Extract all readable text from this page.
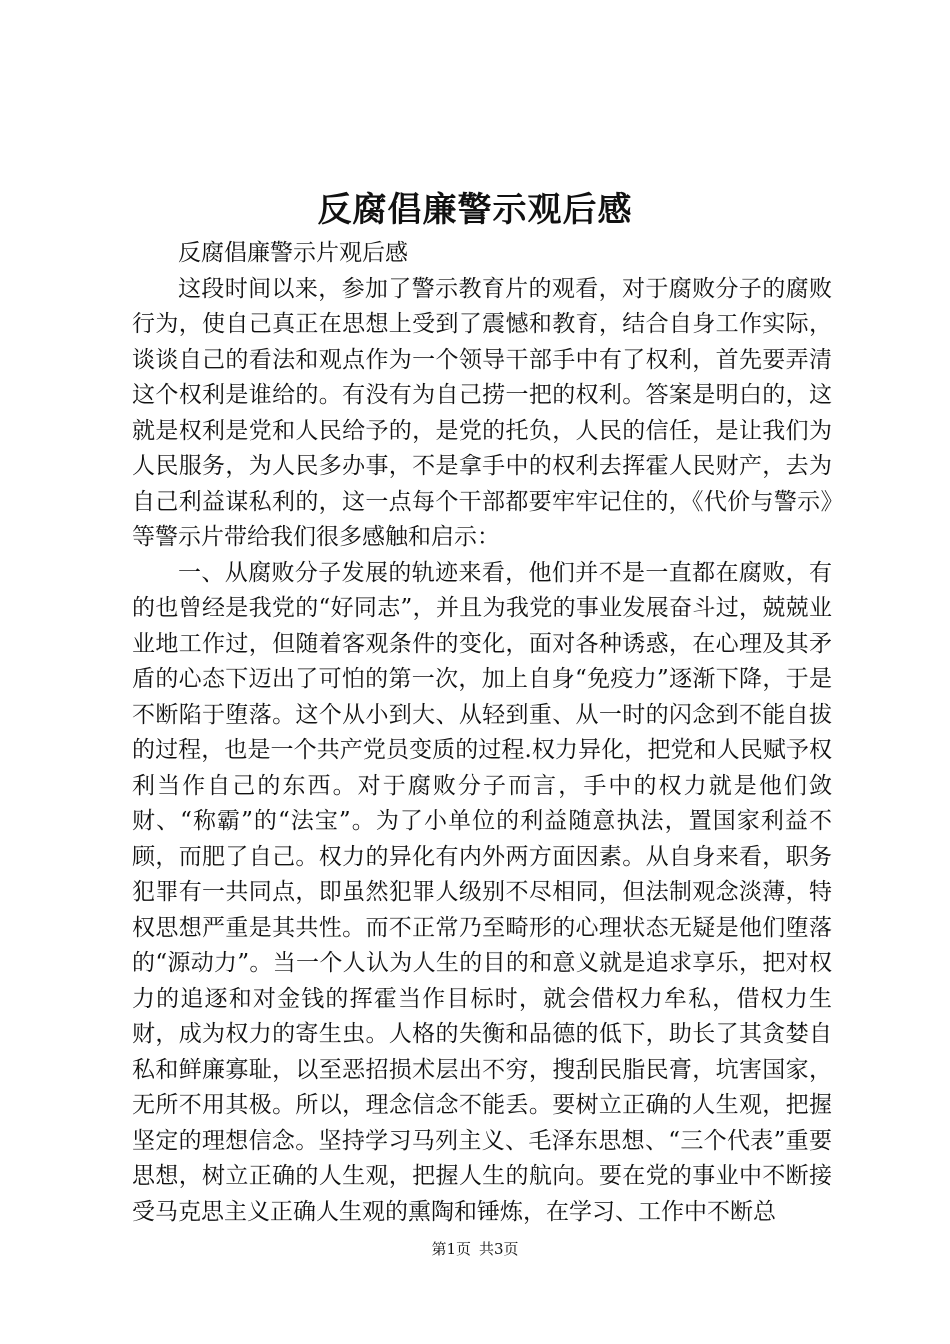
反腐倡廉警示观后感

反腐倡廉警示片观后感

这段时间以来，参加了警示教育片的观看，对于腐败分子的腐败行为，使自己真正在思想上受到了震憾和教育，结合自身工作实际，谈谈自己的看法和观点作为一个领导干部手中有了权利，首先要弄清这个权利是谁给的。有没有为自己捞一把的权利。答案是明白的，这就是权利是党和人民给予的，是党的托负，人民的信任，是让我们为人民服务，为人民多办事，不是拿手中的权利去挥霍人民财产，去为自己利益谋私利的，这一点每个干部都要牢牢记住的，《代价与警示》等警示片带给我们很多感触和启示：

一、从腐败分子发展的轨迹来看，他们并不是一直都在腐败，有的也曾经是我党的“好同志”，并且为我党的事业发展奋斗过，兢兢业业地工作过，但随着客观条件的变化，面对各种诱惑，在心理及其矛盾的心态下迈出了可怕的第一次，加上自身“免疫力”逐渐下降，于是不断陷于堕落。这个从小到大、从轻到重、从一时的闪念到不能自拔的过程，也是一个共产党员变质的过程.权力异化，把党和人民赋予权利当作自己的东西。对于腐败分子而言，手中的权力就是他们敛财、“称霸”的“法宝”。为了小单位的利益随意执法，置国家利益不顾，而肥了自己。权力的异化有内外两方面因素。从自身来看，职务犯罪有一共同点，即虽然犯罪人级别不尽相同，但法制观念淡薄，特权思想严重是其共性。而不正常乃至畸形的心理状态无疑是他们堕落的“源动力”。当一个人认为人生的目的和意义就是追求享乐，把对权力的追逐和对金钱的挥霍当作目标时，就会借权力牟私，借权力生财，成为权力的寄生虫。人格的失衡和品德的低下，助长了其贪婪自私和鲜廉寡耻，以至恶招损术层出不穷，搜刮民脂民膏，坑害国家，无所不用其极。所以，理念信念不能丢。要树立正确的人生观，把握坚定的理想信念。坚持学习马列主义、毛泽东思想、“三个代表”重要思想，树立正确的人生观，把握人生的航向。要在党的事业中不断接受马克思主义正确人生观的熏陶和锤炼，在学习、工作中不断总

第1页 共3页
